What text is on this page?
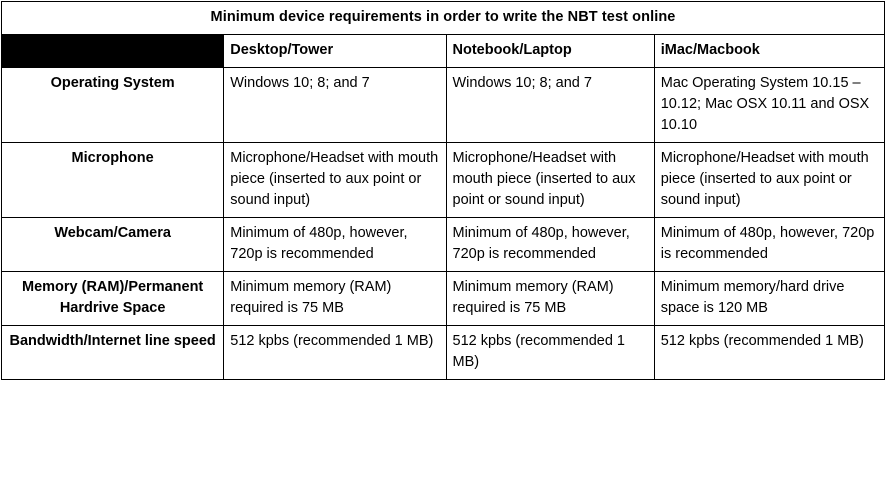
Minimum device requirements in order to write the NBT test online			
	Desktop/Tower	Notebook/Laptop	iMac/Macbook
Operating System	Windows 10; 8; and 7	Windows 10; 8; and 7	Mac Operating System 10.15 – 10.12; Mac OSX 10.11 and OSX 10.10
Microphone	Microphone/Headset with mouth piece (inserted to aux point or sound input)	Microphone/Headset with mouth piece (inserted to aux point or sound input)	Microphone/Headset with mouth piece (inserted to aux point or sound input)
Webcam/Camera	Minimum of 480p, however, 720p is recommended	Minimum of 480p, however, 720p is recommended	Minimum of 480p, however, 720p is recommended
Memory (RAM)/Permanent Hardrive Space	Minimum memory (RAM) required is 75 MB	Minimum memory (RAM) required is 75 MB	Minimum memory/hard drive space is 120 MB
Bandwidth/Internet line speed	512 kpbs (recommended 1 MB)	512 kpbs (recommended 1 MB)	512 kpbs (recommended 1 MB)
